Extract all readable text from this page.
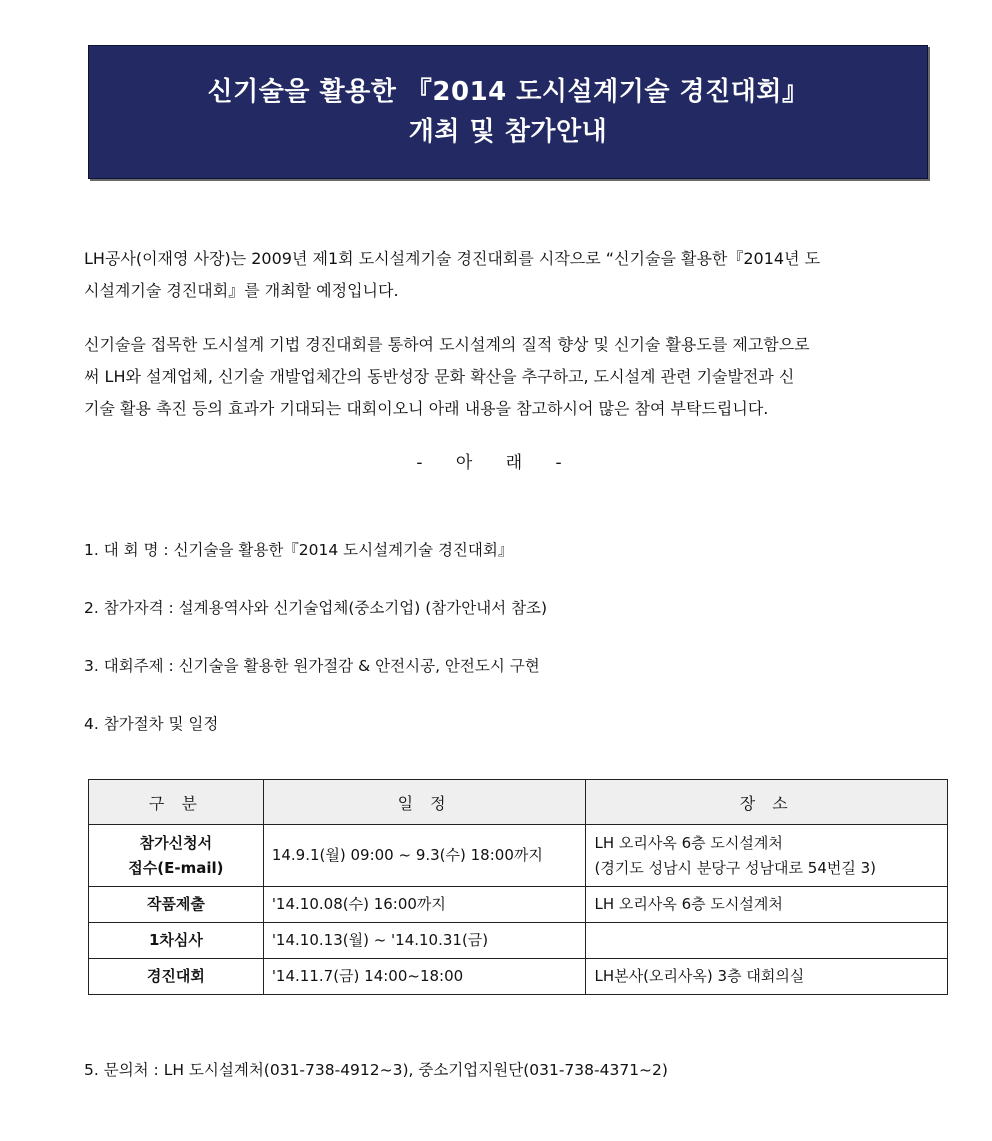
신기술을 활용한 『2014 도시설계기술 경진대회』
개최 및 참가안내
LH공사(이재영 사장)는 2009년 제1회 도시설계기술 경진대회를 시작으로 “신기술을 활용한『2014년 도
시설계기술 경진대회』를 개최할 예정입니다.
신기술을 접목한 도시설계 기법 경진대회를 통하여 도시설계의 질적 향상 및 신기술 활용도를 제고함으로
써 LH와 설계업체, 신기술 개발업체간의 동반성장 문화 확산을 추구하고, 도시설계 관련 기술발전과 신
기술 활용 촉진 등의 효과가 기대되는 대회이오니 아래 내용을 참고하시어 많은 참여 부탁드립니다.
- 아 래 -
1. 대 회 명 : 신기술을 활용한『2014 도시설계기술 경진대회』
2. 참가자격 : 설계용역사와 신기술업체(중소기업) (참가안내서 참조)
3. 대회주제 : 신기술을 활용한 원가절감 & 안전시공, 안전도시 구현
4. 참가절차 및 일정
구 분	일 정	장 소

참가신청서
접수(E-mail)	14.9.1(월) 09:00 ~ 9.3(수) 18:00까지	LH 오리사옥 6층 도시설계처
(경기도 성남시 분당구 성남대로 54번길 3)

작품제출	'14.10.08(수) 16:00까지	LH 오리사옥 6층 도시설계처
1차심사	'14.10.13(월) ~ '14.10.31(금)	
경진대회	'14.11.7(금) 14:00~18:00	LH본사(오리사옥) 3층 대회의실
5. 문의처 : LH 도시설계처(031-738-4912~3), 중소기업지원단(031-738-4371~2)
